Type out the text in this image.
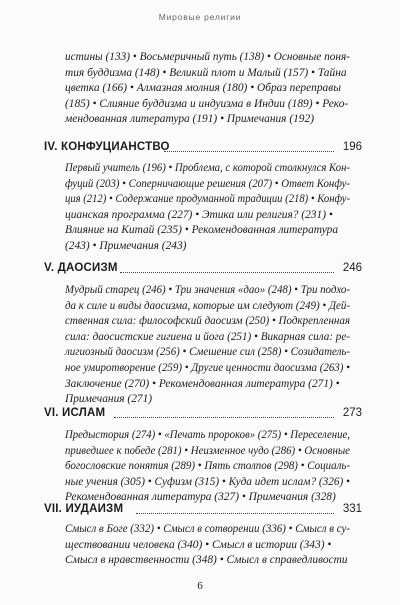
Мировые религии
истины (133) • Восьмеричный путь (138) • Основные поня-
тия буддизма (148) • Великий плот и Малый (157) • Тайна
цветка (166) • Алмазная молния (180) • Образ переправы
(185) • Слияние буддизма и индуизма в Индии (189) • Реко-
мендованная литература (191) • Примечания (192)
IV. КОНФУЦИАНСТВО	196
Первый учитель (196) • Проблема, с которой столкнулся Кон-
фуций (203) • Соперничающие решения (207) • Ответ Конфу-
ция (212) • Содержание продуманной традиции (218) • Конфу-
цианская программа (227) • Этика или религия? (231) •
Влияние на Китай (235) • Рекомендованная литература
(243) • Примечания (243)
V. ДАОСИЗМ	246
Мудрый старец (246) • Три значения «дао» (248) • Три подхо-
да к силе и виды даосизма, которые им следуют (249) • Дей-
ственная сила: философский даосизм (250) • Подкрепленная
сила: даосистские гигиена и йога (251) • Викарная сила: ре-
лигиозный даосизм (256) • Смешение сил (258) • Созидатель-
ное умиротворение (259) • Другие ценности даосизма (263) •
Заключение (270) • Рекомендованная литература (271) •
Примечания (271)
VI. ИСЛАМ	273
Предыстория (274) • «Печать пророков» (275) • Переселение,
приведшее к победе (281) • Неизменное чудо (286) • Основные
богословские понятия (289) • Пять столпов (298) • Социаль-
ные учения (305) • Суфизм (315) • Куда идет ислам? (326) •
Рекомендованная литература (327) • Примечания (328)
VII. ИУДАИЗМ	331
Смысл в Боге (332) • Смысл в сотворении (336) • Смысл в су-
ществовании человека (340) • Смысл в истории (343) •
Смысл в нравственности (348) • Смысл в справедливости
6
